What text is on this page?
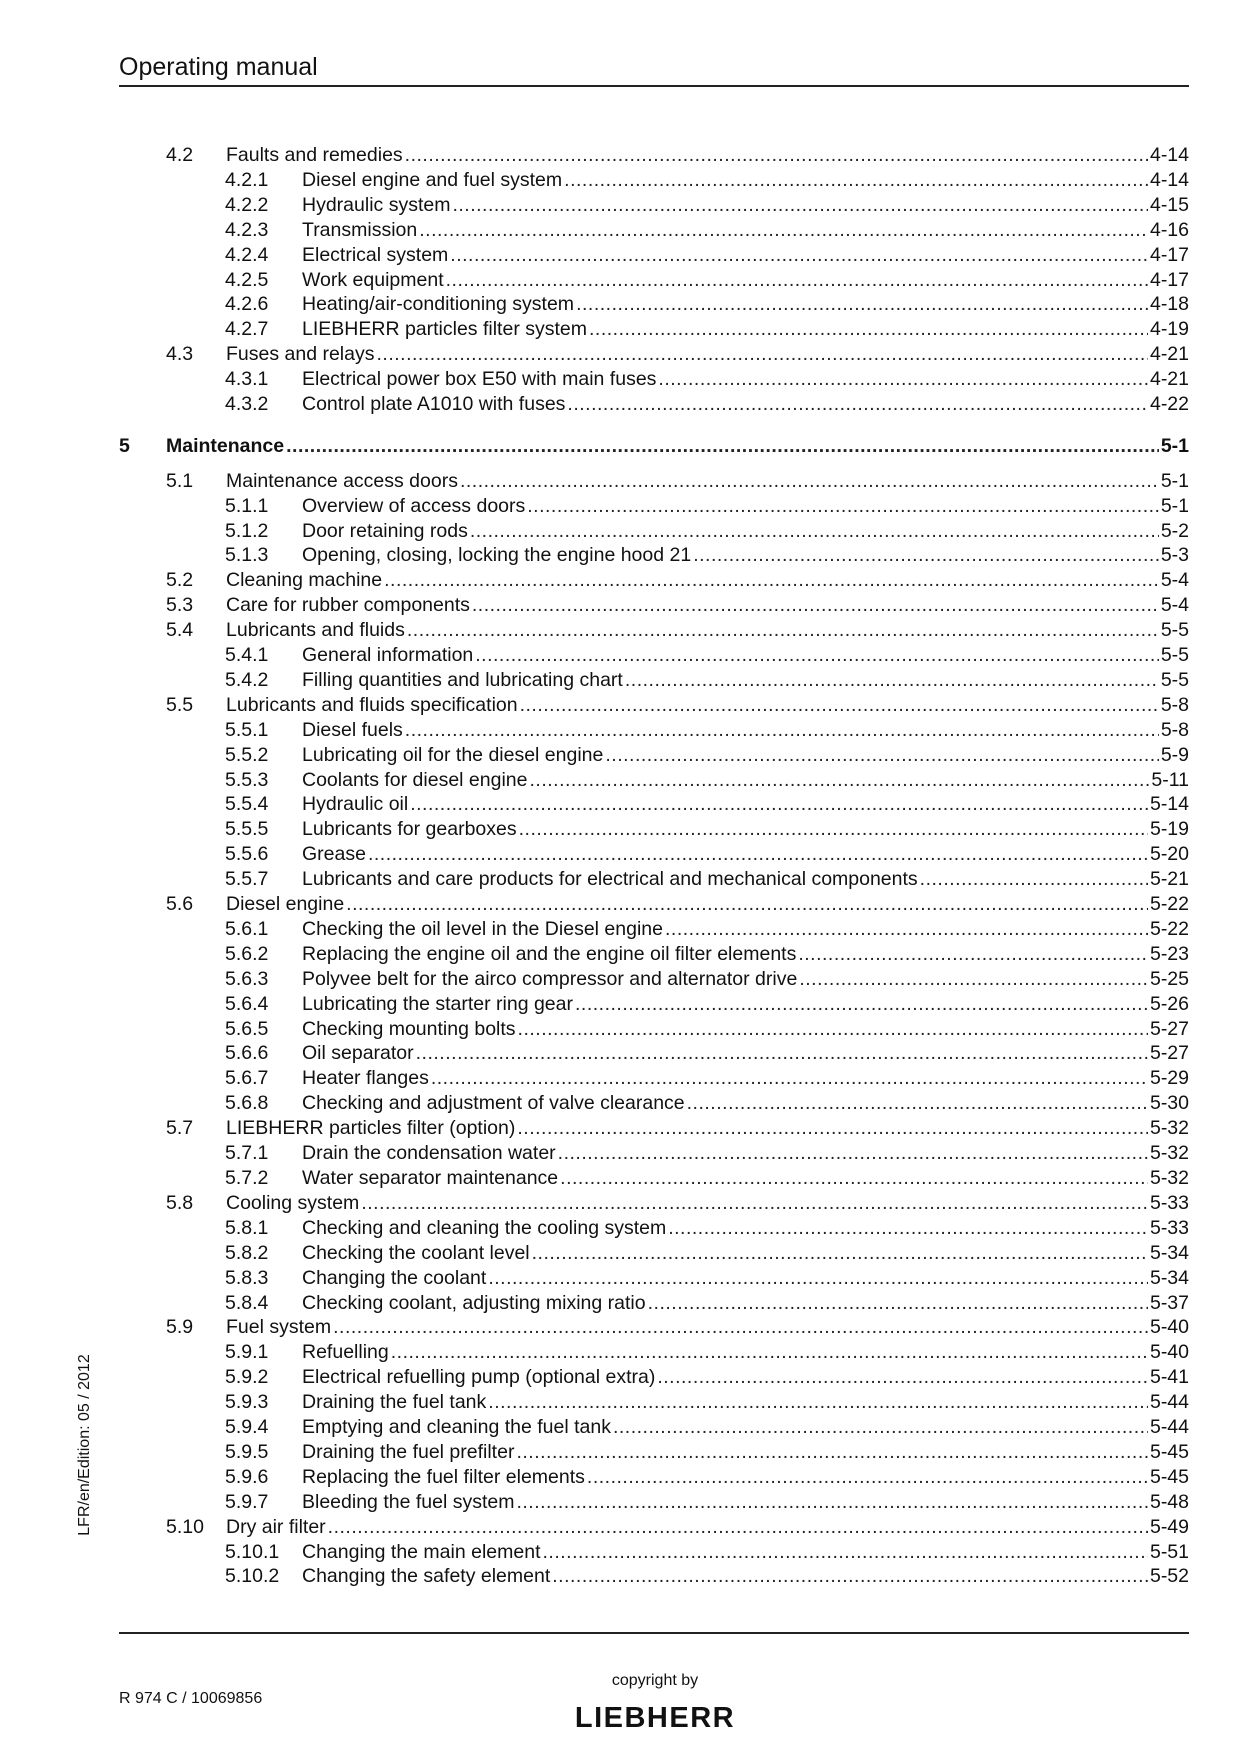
Operating manual
4.2	Faults and remedies .....	4-14
4.2.1	Diesel engine and fuel system .....	4-14
4.2.2	Hydraulic system .....	4-15
4.2.3	Transmission .....	4-16
4.2.4	Electrical system .....	4-17
4.2.5	Work equipment .....	4-17
4.2.6	Heating/air-conditioning system .....	4-18
4.2.7	LIEBHERR particles filter system .....	4-19
4.3	Fuses and relays .....	4-21
4.3.1	Electrical power box E50 with main fuses .....	4-21
4.3.2	Control plate A1010 with fuses .....	4-22
5	Maintenance .....	5-1
5.1	Maintenance access doors .....	5-1
5.1.1	Overview of access doors .....	5-1
5.1.2	Door retaining rods .....	5-2
5.1.3	Opening, closing, locking the engine hood 21 .....	5-3
5.2	Cleaning machine .....	5-4
5.3	Care for rubber components .....	5-4
5.4	Lubricants and fluids .....	5-5
5.4.1	General information .....	5-5
5.4.2	Filling quantities and lubricating chart .....	5-5
5.5	Lubricants and fluids specification .....	5-8
5.5.1	Diesel fuels .....	5-8
5.5.2	Lubricating oil for the diesel engine .....	5-9
5.5.3	Coolants for diesel engine .....	5-11
5.5.4	Hydraulic oil .....	5-14
5.5.5	Lubricants for gearboxes .....	5-19
5.5.6	Grease .....	5-20
5.5.7	Lubricants and care products for electrical and mechanical components .....	5-21
5.6	Diesel engine .....	5-22
5.6.1	Checking the oil level in the Diesel engine .....	5-22
5.6.2	Replacing the engine oil and the engine oil filter elements .....	5-23
5.6.3	Polyvee belt for the airco compressor and alternator drive .....	5-25
5.6.4	Lubricating the starter ring gear .....	5-26
5.6.5	Checking mounting bolts .....	5-27
5.6.6	Oil separator .....	5-27
5.6.7	Heater flanges .....	5-29
5.6.8	Checking and adjustment of valve clearance .....	5-30
5.7	LIEBHERR particles filter (option) .....	5-32
5.7.1	Drain the condensation water .....	5-32
5.7.2	Water separator maintenance .....	5-32
5.8	Cooling system .....	5-33
5.8.1	Checking and cleaning the cooling system .....	5-33
5.8.2	Checking the coolant level .....	5-34
5.8.3	Changing the coolant .....	5-34
5.8.4	Checking coolant, adjusting mixing ratio .....	5-37
5.9	Fuel system .....	5-40
5.9.1	Refuelling .....	5-40
5.9.2	Electrical refuelling pump (optional extra) .....	5-41
5.9.3	Draining the fuel tank .....	5-44
5.9.4	Emptying and cleaning the fuel tank .....	5-44
5.9.5	Draining the fuel prefilter .....	5-45
5.9.6	Replacing the fuel filter elements .....	5-45
5.9.7	Bleeding the fuel system .....	5-48
5.10	Dry air filter .....	5-49
5.10.1	Changing the main element .....	5-51
5.10.2	Changing the safety element .....	5-52
R 974 C / 10069856
copyright by
LIEBHERR
LFR/en/Edition: 05 / 2012
